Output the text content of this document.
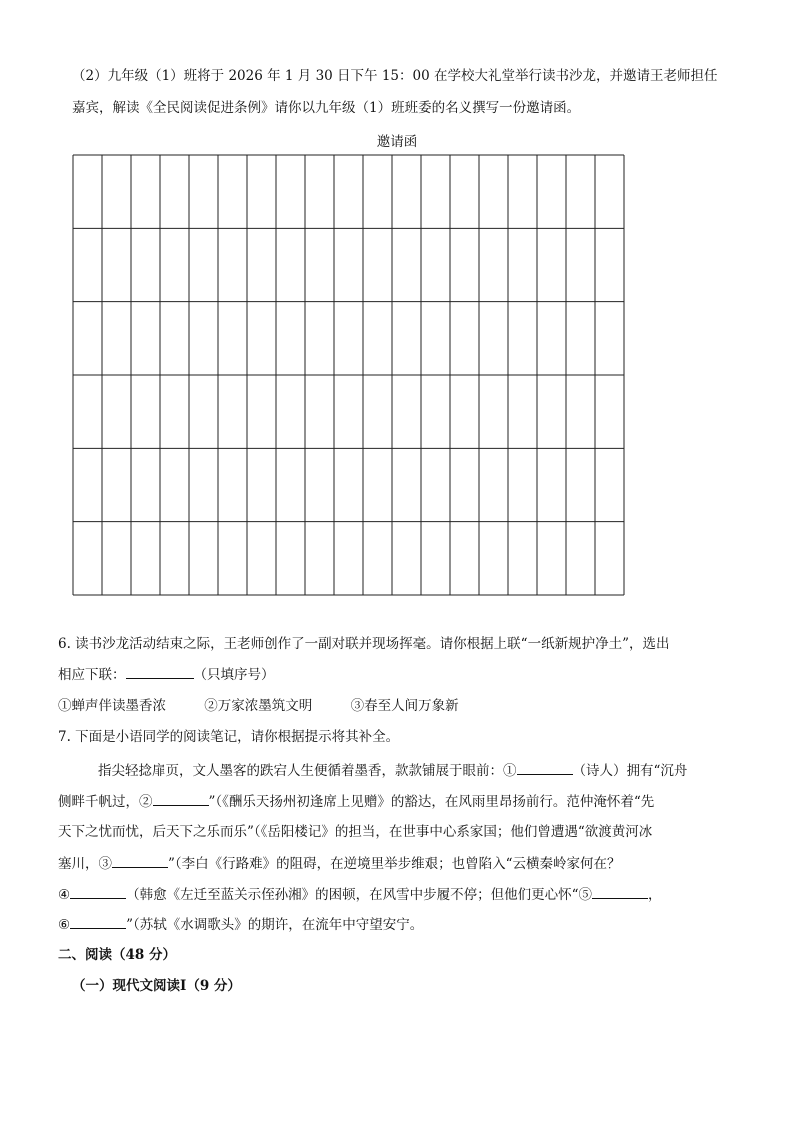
（2）九年级（1）班将于 2026 年 1 月 30 日下午 15：00 在学校大礼堂举行读书沙龙，并邀请王老师担任
嘉宾，解读《全民阅读促进条例》请你以九年级（1）班班委的名义撰写一份邀请函。
邀请函
6. 读书沙龙活动结束之际，王老师创作了一副对联并现场挥毫。请你根据上联“一纸新规护净土”，选出
相应下联：	（只填序号）
①蝉声伴读墨香浓	②万家浓墨筑文明	③春至人间万象新
7. 下面是小语同学的阅读笔记，请你根据提示将其补全。
指尖轻捻扉页，文人墨客的跌宕人生便循着墨香，款款铺展于眼前：①	（诗人）拥有“沉舟
侧畔千帆过，②	”（《酬乐天扬州初逢席上见赠》的豁达，在风雨里昂扬前行。范仲淹怀着“先
天下之忧而忧，后天下之乐而乐”（《岳阳楼记》的担当，在世事中心系家国；他们曾遭遇“欲渡黄河冰
塞川，③	”（李白《行路难》的阻碍，在逆境里举步维艰；也曾陷入“云横秦岭家何在？
④	（韩愈《左迁至蓝关示侄孙湘》的困顿，在风雪中步履不停；但他们更心怀“⑤	，
⑥	”（苏轼《水调歌头》的期许，在流年中守望安宁。
二、阅读（48 分）
（一）现代文阅读Ⅰ（9 分）
